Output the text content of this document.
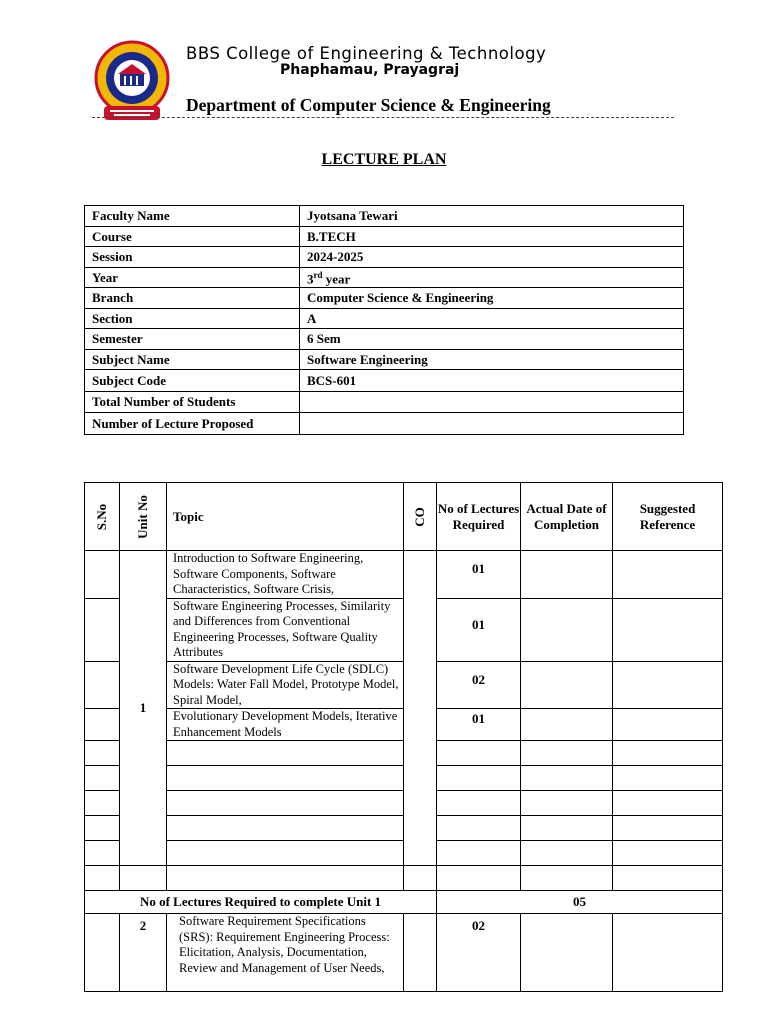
BBS College of Engineering & Technology
Phaphamau, Prayagraj
Department of Computer Science & Engineering
LECTURE PLAN
Faculty Name	Jyotsana Tewari
Course	B.TECH
Session	2024-2025
Year	3rd year
Branch	Computer Science & Engineering
Section	A
Semester	6 Sem
Subject Name	Software Engineering
Subject Code	BCS-601
Total Number of Students	
Number of Lecture Proposed	
S.No	Unit No	Topic	CO	No of Lectures Required	Actual Date of Completion	Suggested Reference
	1	Introduction to Software Engineering, Software Components, Software Characteristics, Software Crisis,		01		
		Software Engineering Processes, Similarity and Differences from Conventional Engineering Processes, Software Quality Attributes		01		
		Software Development Life Cycle (SDLC) Models: Water Fall Model, Prototype Model, Spiral Model,		02		
		Evolutionary Development Models, Iterative Enhancement Models		01		

No of Lectures Required to complete Unit 1				05		
	2	Software Requirement Specifications (SRS): Requirement Engineering Process: Elicitation, Analysis, Documentation, Review and Management of User Needs,		02		
